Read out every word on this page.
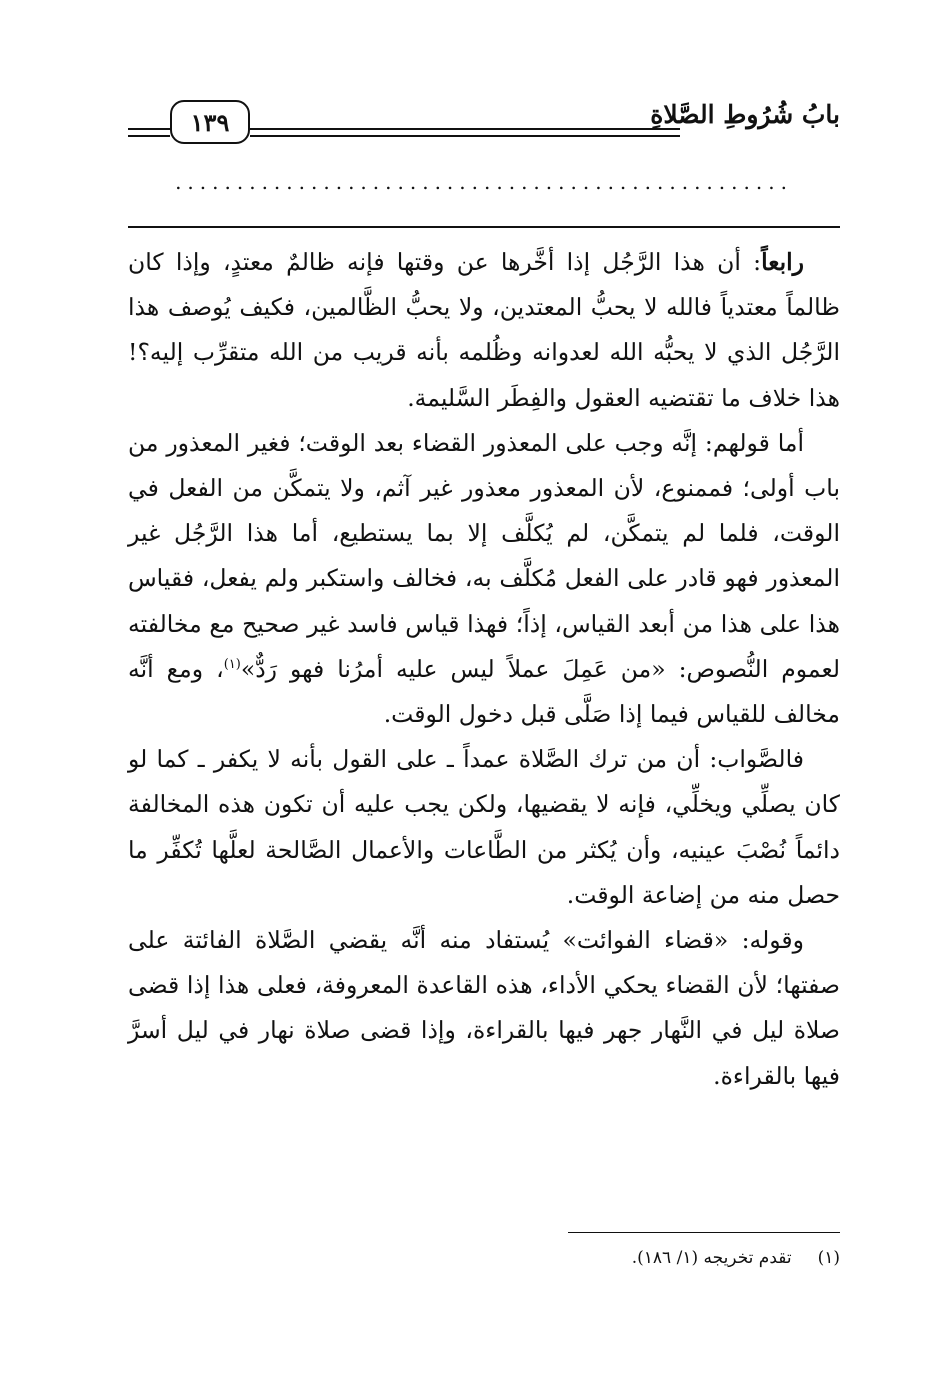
١٣٩	بابُ شُرُوطِ الصَّلاةِ
..................................................

رابعاً: أن هذا الرَّجُل إذا أخَّرها عن وقتها فإنه ظالمٌ معتدٍ، وإذا كان ظالماً معتدياً فالله لا يحبُّ المعتدين، ولا يحبُّ الظَّالمين، فكيف يُوصف هذا الرَّجُل الذي لا يحبُّه الله لعدوانه وظُلمه بأنه قريب من الله متقرِّب إليه؟! هذا خلاف ما تقتضيه العقول والفِطَر السَّليمة.

أما قولهم: إنَّه وجب على المعذور القضاء بعد الوقت؛ فغير المعذور من باب أولى؛ فممنوع، لأن المعذور معذور غير آثم، ولا يتمكَّن من الفعل في الوقت، فلما لم يتمكَّن، لم يُكلَّف إلا بما يستطيع، أما هذا الرَّجُل غير المعذور فهو قادر على الفعل مُكلَّف به، فخالف واستكبر ولم يفعل، فقياس هذا على هذا من أبعد القياس، إذاً؛ فهذا قياس فاسد غير صحيح مع مخالفته لعموم النُّصوص: «من عَمِلَ عملاً ليس عليه أمرُنا فهو رَدٌّ»$^{(١)}$، ومع أنَّه مخالف للقياس فيما إذا صَلَّى قبل دخول الوقت.

فالصَّواب: أن من ترك الصَّلاة عمداً ـ على القول بأنه لا يكفر ـ كما لو كان يصلِّي ويخلِّي، فإنه لا يقضيها، ولكن يجب عليه أن تكون هذه المخالفة دائماً نُصْبَ عينيه، وأن يُكثر من الطَّاعات والأعمال الصَّالحة لعلَّها تُكفِّر ما حصل منه من إضاعة الوقت.

وقوله: «قضاء الفوائت» يُستفاد منه أنَّه يقضي الصَّلاة الفائتة على صفتها؛ لأن القضاء يحكي الأداء، هذه القاعدة المعروفة، فعلى هذا إذا قضى صلاة ليل في النَّهار جهر فيها بالقراءة، وإذا قضى صلاة نهار في ليل أسرَّ فيها بالقراءة.

(١)تقدم تخريجه (١/ ١٨٦).
